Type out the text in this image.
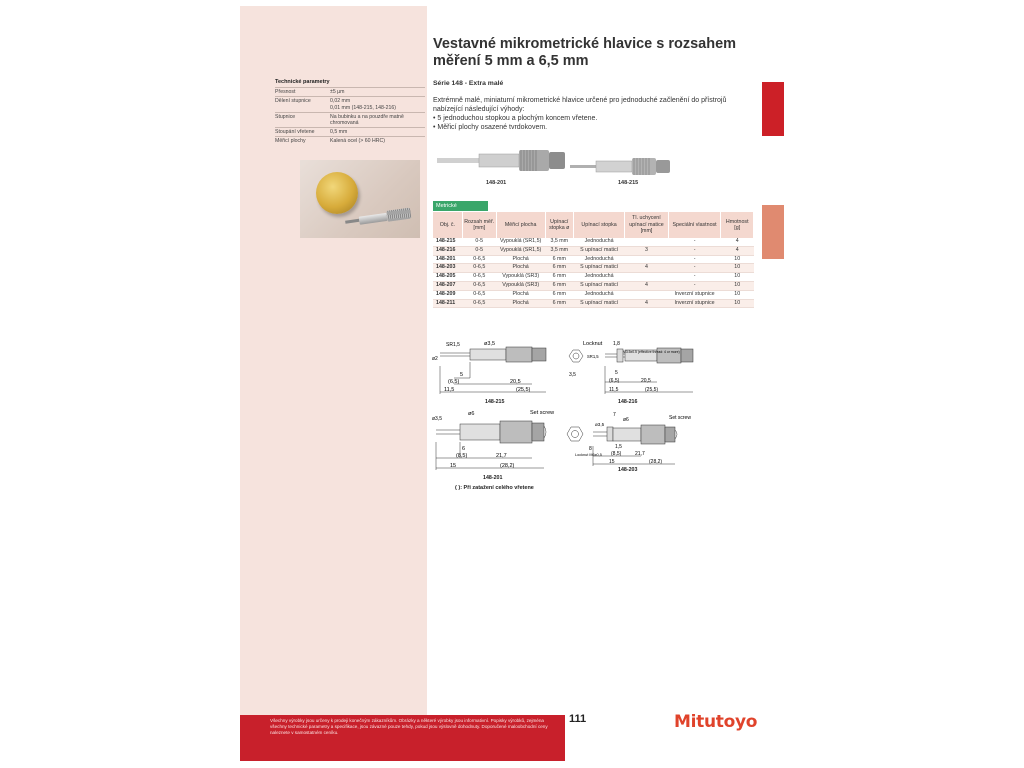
Technické parametry
Přesnost	±5 µm
Dělení stupnice	0,02 mm
0,01 mm (148-215, 148-216)
Stupnice	Na bubinku a na pouzdře matně chromovaná
Stoupání vřetene	0,5 mm
Měřicí plochy	Kalená ocel (> 60 HRC)
Vestavné mikrometrické hlavice s rozsahem měření 5 mm a 6,5 mm
Série 148 - Extra malé
Extrémně malé, miniaturní mikrometrické hlavice určené pro jednoduché začlenění do přístrojů nabízející následující výhody:
• 5 jednoduchou stopkou a plochým koncem vřetene.
• Měřicí plochy osazené tvrdokovem.
148-201	148-215
Metrické
Obj. č.	Rozsah měř. [mm]	Měřicí plocha	Upínací stopka ø	Upínací stopka	Tl. uchycení upínací matice [mm]	Speciální vlastnost	Hmotnost [g]
148-215	0-5	Vypouklá (SR1,5)	3,5 mm	Jednoduchá		-	4
148-216	0-5	Vypouklá (SR1,5)	3,5 mm	S upínací maticí	3	-	4
148-201	0-6,5	Plochá	6 mm	Jednoduchá		-	10
148-203	0-6,5	Plochá	6 mm	S upínací maticí	4	-	10
148-205	0-6,5	Vypouklá (SR3)	6 mm	Jednoduchá		-	10
148-207	0-6,5	Vypouklá (SR3)	6 mm	S upínací maticí	4	-	10
148-209	0-6,5	Plochá	6 mm	Jednoduchá		Inverzní stupnice	10
148-211	0-6,5	Plochá	6 mm	S upínací maticí	4	Inverzní stupnice	10
ø3,5
SR1,5
5
(6,5)	20,5
11,5	(25,5)
ø2
148-215
Locknut 1,8
M3.5x0.5 (effective thread: 4 or more)
5
(6,5)	20,5
11,5	(25,5)
3,5
SR1,5
148-216
ø6
ø3,5
6
(8,5)	21,7
15	(28,2)
Set screw
148-201
( ): Při zatažení celého vřetene
7
ø6
ø3,5
8	1,5
(8,5)	21,7
15	(28,2)
Set screw
Locknut M6x0,5
148-203
Všechny výrobky jsou určeny k prodeji konečným zákazníkům. Obrázky a některé výrobky jsou informativní. Popisky výrobků, zejména všechny technické parametry a specifikace, jsou závazné pouze tehdy, pokud jsou výslovně dohodnuty. Doporučené maloobchodní ceny naleznete v samostatném ceníku.
111	Mitutoyo
